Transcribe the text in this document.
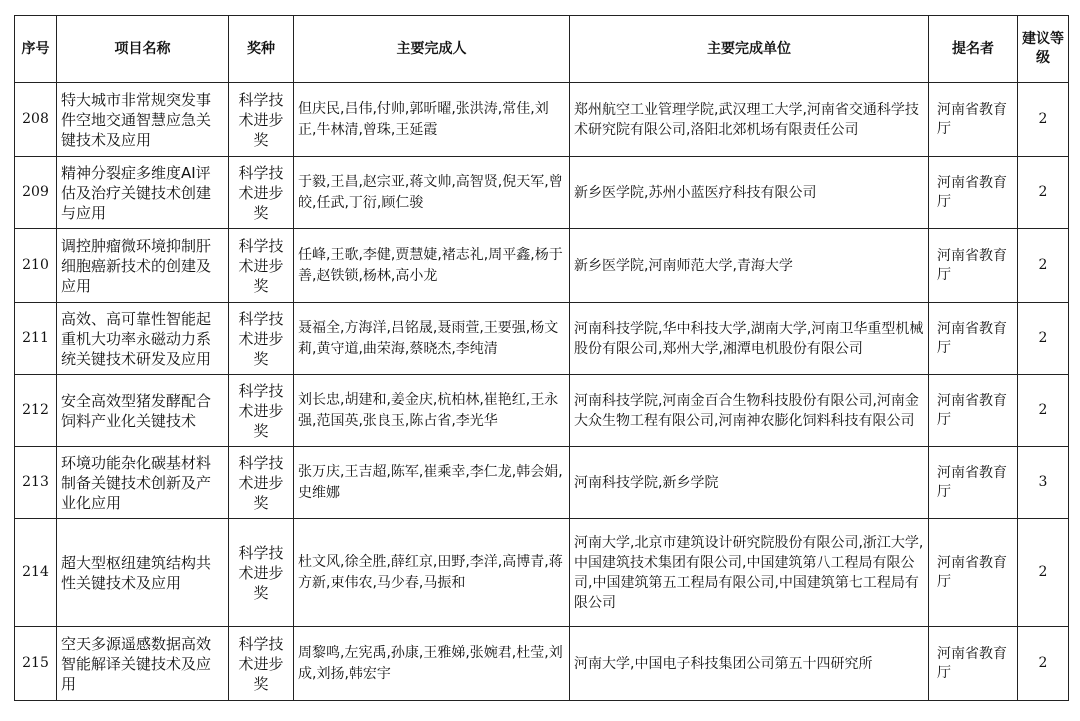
序号	项目名称	奖种	主要完成人	主要完成单位	提名者	建议等级
208	特大城市非常规突发事件空地交通智慧应急关键技术及应用	科学技术进步奖	但庆民,吕伟,付帅,郭昕曜,张洪涛,常佳,刘正,牛林清,曾珠,王延霞	郑州航空工业管理学院,武汉理工大学,河南省交通科学技术研究院有限公司,洛阳北郊机场有限责任公司	河南省教育厅	2
209	精神分裂症多维度AI评估及治疗关键技术创建与应用	科学技术进步奖	于毅,王昌,赵宗亚,蒋文帅,高智贤,倪天军,曾皎,任武,丁衍,顾仁骏	新乡医学院,苏州小蓝医疗科技有限公司	河南省教育厅	2
210	调控肿瘤微环境抑制肝细胞癌新技术的创建及应用	科学技术进步奖	任峰,王歌,李健,贾慧婕,褚志礼,周平鑫,杨于善,赵铁锁,杨林,高小龙	新乡医学院,河南师范大学,青海大学	河南省教育厅	2
211	高效、高可靠性智能起重机大功率永磁动力系统关键技术研发及应用	科学技术进步奖	聂福全,方海洋,吕铭晟,聂雨萱,王要强,杨文莉,黄守道,曲荣海,蔡晓杰,李纯清	河南科技学院,华中科技大学,湖南大学,河南卫华重型机械股份有限公司,郑州大学,湘潭电机股份有限公司	河南省教育厅	2
212	安全高效型猪发酵配合饲料产业化关键技术	科学技术进步奖	刘长忠,胡建和,姜金庆,杭柏林,崔艳红,王永强,范国英,张良玉,陈占省,李光华	河南科技学院,河南金百合生物科技股份有限公司,河南金大众生物工程有限公司,河南神农膨化饲料科技有限公司	河南省教育厅	2
213	环境功能杂化碳基材料制备关键技术创新及产业化应用	科学技术进步奖	张万庆,王吉超,陈军,崔乘幸,李仁龙,韩会娟,史维娜	河南科技学院,新乡学院	河南省教育厅	3
214	超大型枢纽建筑结构共性关键技术及应用	科学技术进步奖	杜文风,徐全胜,薛红京,田野,李洋,高博青,蒋方新,束伟农,马少春,马振和	河南大学,北京市建筑设计研究院股份有限公司,浙江大学,中国建筑技术集团有限公司,中国建筑第八工程局有限公司,中国建筑第五工程局有限公司,中国建筑第七工程局有限公司	河南省教育厅	2
215	空天多源遥感数据高效智能解译关键技术及应用	科学技术进步奖	周黎鸣,左宪禹,孙康,王雅娣,张婉君,杜莹,刘成,刘扬,韩宏宇	河南大学,中国电子科技集团公司第五十四研究所	河南省教育厅	2
